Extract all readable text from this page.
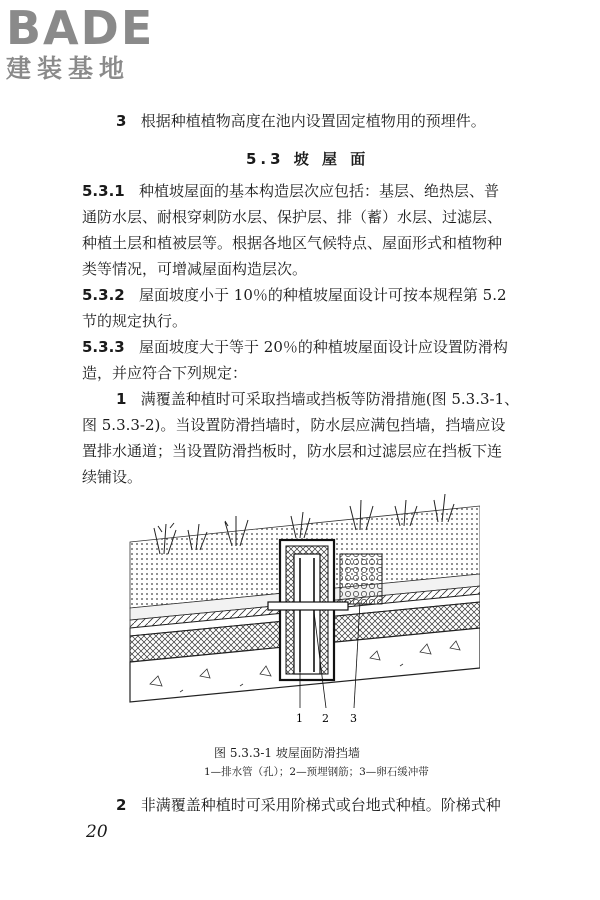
BADE
建装基地
3 根据种植植物高度在池内设置固定植物用的预埋件。
5.3 坡 屋 面
5.3.1 种植坡屋面的基本构造层次应包括：基层、绝热层、普
通防水层、耐根穿刺防水层、保护层、排（蓄）水层、过滤层、
种植土层和植被层等。根据各地区气候特点、屋面形式和植物种
类等情况，可增减屋面构造层次。
5.3.2 屋面坡度小于 10％的种植坡屋面设计可按本规程第 5.2
节的规定执行。
5.3.3 屋面坡度大于等于 20％的种植坡屋面设计应设置防滑构
造，并应符合下列规定：
1 满覆盖种植时可采取挡墙或挡板等防滑措施(图 5.3.3-1、
图 5.3.3-2)。当设置防滑挡墙时，防水层应满包挡墙，挡墙应设
置排水通道；当设置防滑挡板时，防水层和过滤层应在挡板下连
续铺设。
1 2 3
图 5.3.3-1 坡屋面防滑挡墙
1—排水管（孔）；2—预埋钢筋；3—卵石缓冲带
2 非满覆盖种植时可采用阶梯式或台地式种植。阶梯式种
20
